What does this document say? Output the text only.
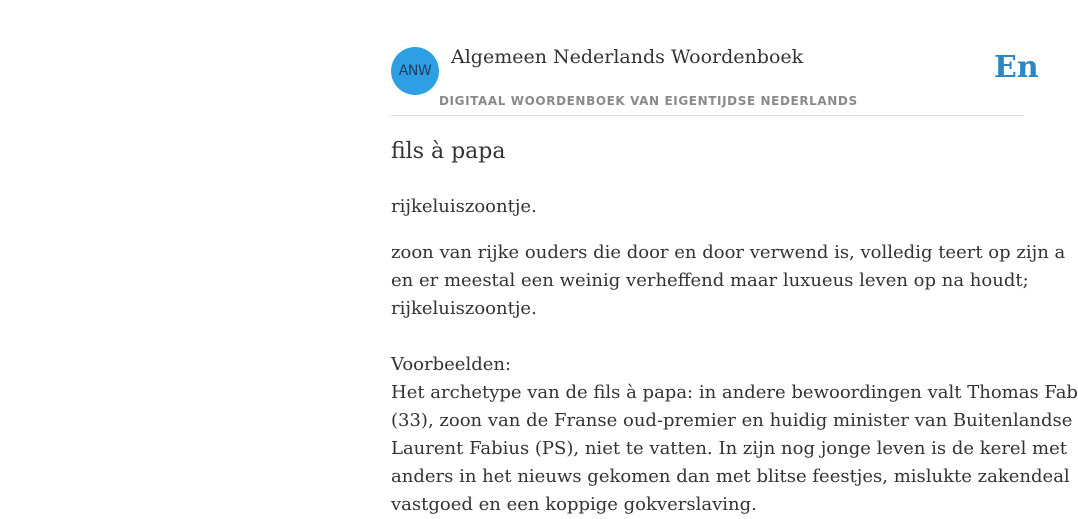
ANW
Algemeen Nederlands Woordenboek
DIGITAAL WOORDENBOEK VAN EIGENTIJDSE NEDERLANDS
En
fils à papa
rijkeluiszoontje.
zoon van rijke ouders die door en door verwend is, volledig teert op zijn a
en er meestal een weinig verheffend maar luxueus leven op na houdt;
rijkeluiszoontje.
Voorbeelden:
Het archetype van de fils à papa: in andere bewoordingen valt Thomas Fab
(33), zoon van de Franse oud-premier en huidig minister van Buitenlandse
Laurent Fabius (PS), niet te vatten. In zijn nog jonge leven is de kerel met
anders in het nieuws gekomen dan met blitse feestjes, mislukte zakendeal
vastgoed en een koppige gokverslaving.
